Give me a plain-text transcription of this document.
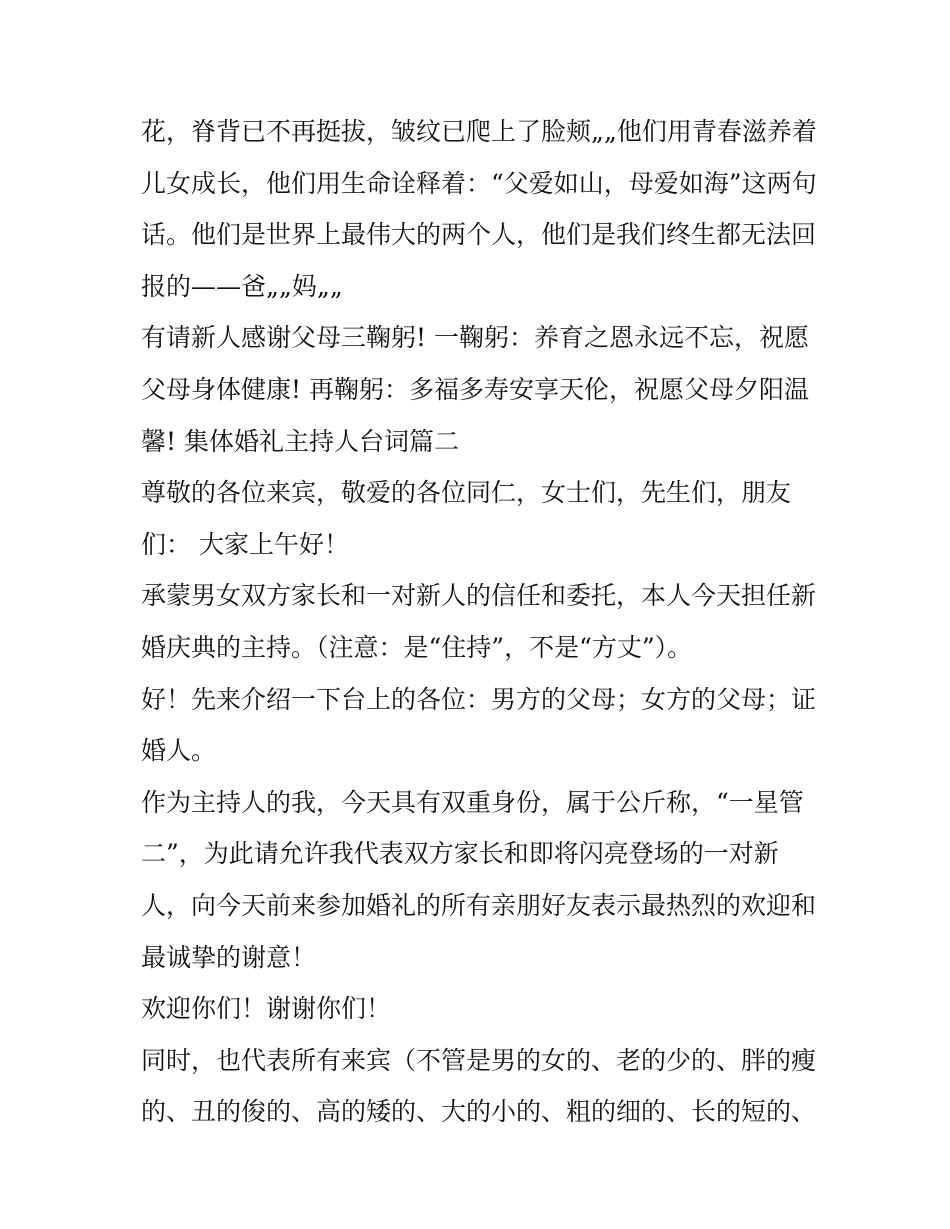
花，脊背已不再挺拔，皱纹已爬上了脸颊„„他们用青春滋养着
儿女成长，他们用生命诠释着：“父爱如山，母爱如海”这两句
话。他们是世界上最伟大的两个人，他们是我们终生都无法回
报的——爸„„妈„„
有请新人感谢父母三鞠躬! 一鞠躬：养育之恩永远不忘，祝愿
父母身体健康! 再鞠躬：多福多寿安享天伦，祝愿父母夕阳温
馨! 集体婚礼主持人台词篇二
尊敬的各位来宾，敬爱的各位同仁，女士们，先生们，朋友
们： 大家上午好！
承蒙男女双方家长和一对新人的信任和委托，本人今天担任新
婚庆典的主持。（注意：是“住持”，不是“方丈”）。
好！先来介绍一下台上的各位：男方的父母；女方的父母；证
婚人。
作为主持人的我，今天具有双重身份，属于公斤称，“一星管
二”，为此请允许我代表双方家长和即将闪亮登场的一对新
人，向今天前来参加婚礼的所有亲朋好友表示最热烈的欢迎和
最诚挚的谢意！
欢迎你们！谢谢你们！
同时，也代表所有来宾（不管是男的女的、老的少的、胖的瘦
的、丑的俊的、高的矮的、大的小的、粗的细的、长的短的、
